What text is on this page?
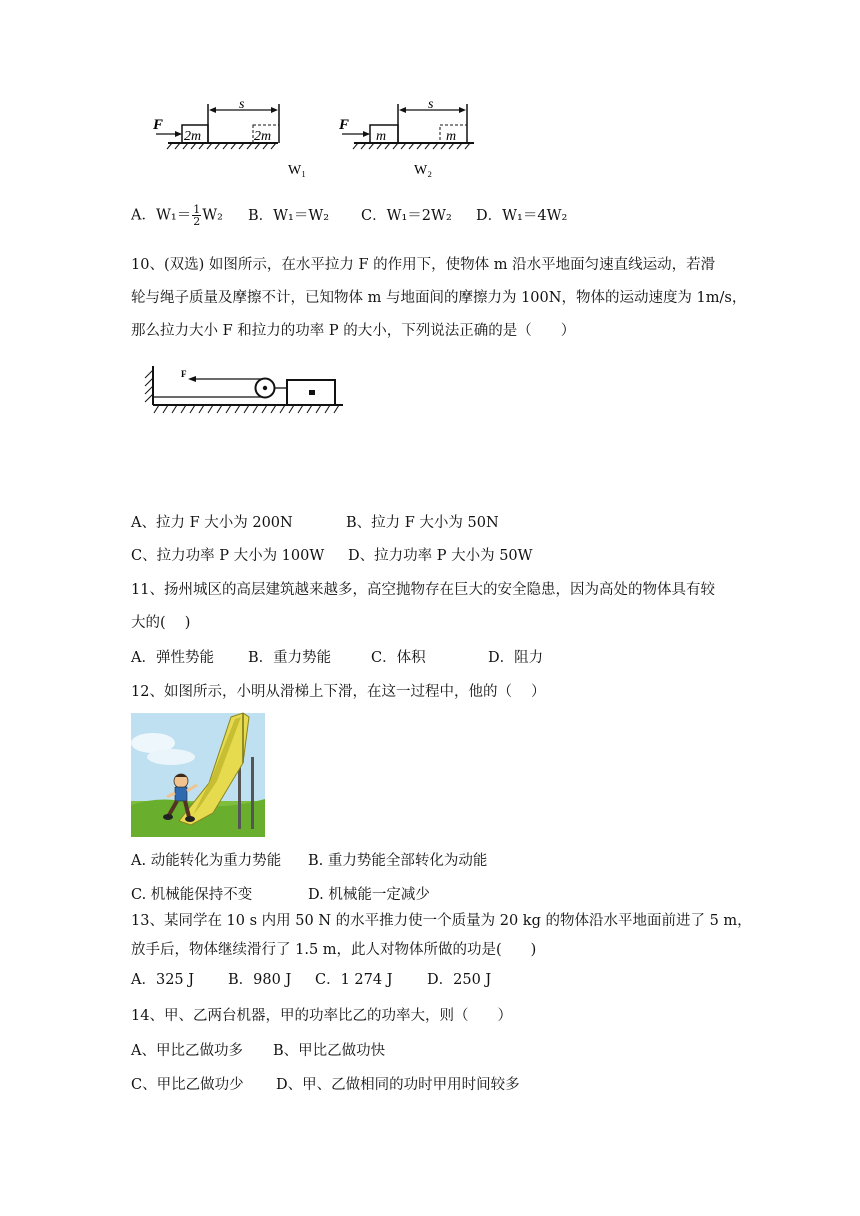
F
2m
s
2m
W₁
F
m
s
m
W₂
A．$W_1= \frac{1}{2} W_2$ B．W₁＝W₂ C．W₁＝2W₂ D．W₁＝4W₂
10、(双选) 如图所示，在水平拉力 F 的作用下，使物体 m 沿水平地面匀速直线运动，若滑
轮与绳子质量及摩擦不计，已知物体 m 与地面间的摩擦力为 100N，物体的运动速度为 1m/s，
那么拉力大小 F 和拉力的功率 P 的大小，下列说法正确的是（　　）
F
A、拉力 F 大小为 200N	B、拉力 F 大小为 50N
C、拉力功率 P 大小为 100W D、拉力功率 P 大小为 50W
11、扬州城区的高层建筑越来越多，高空抛物存在巨大的安全隐患，因为高处的物体具有较
大的(　 )
A．弹性势能 B．重力势能	C．体积	D．阻力
12、如图所示，小明从滑梯上下滑，在这一过程中，他的（　 ）
A. 动能转化为重力势能 B. 重力势能全部转化为动能
C. 机械能保持不变	D. 机械能一定减少
13、某同学在 10 s 内用 50 N 的水平推力使一个质量为 20 kg 的物体沿水平地面前进了 5 m，
放手后，物体继续滑行了 1.5 m，此人对物体所做的功是(　　)
A．325 J B．980 J C．1 274 J D．250 J
14、甲、乙两台机器，甲的功率比乙的功率大，则（　　）
A、甲比乙做功多 B、甲比乙做功快
C、甲比乙做功少 D、甲、乙做相同的功时甲用时间较多
